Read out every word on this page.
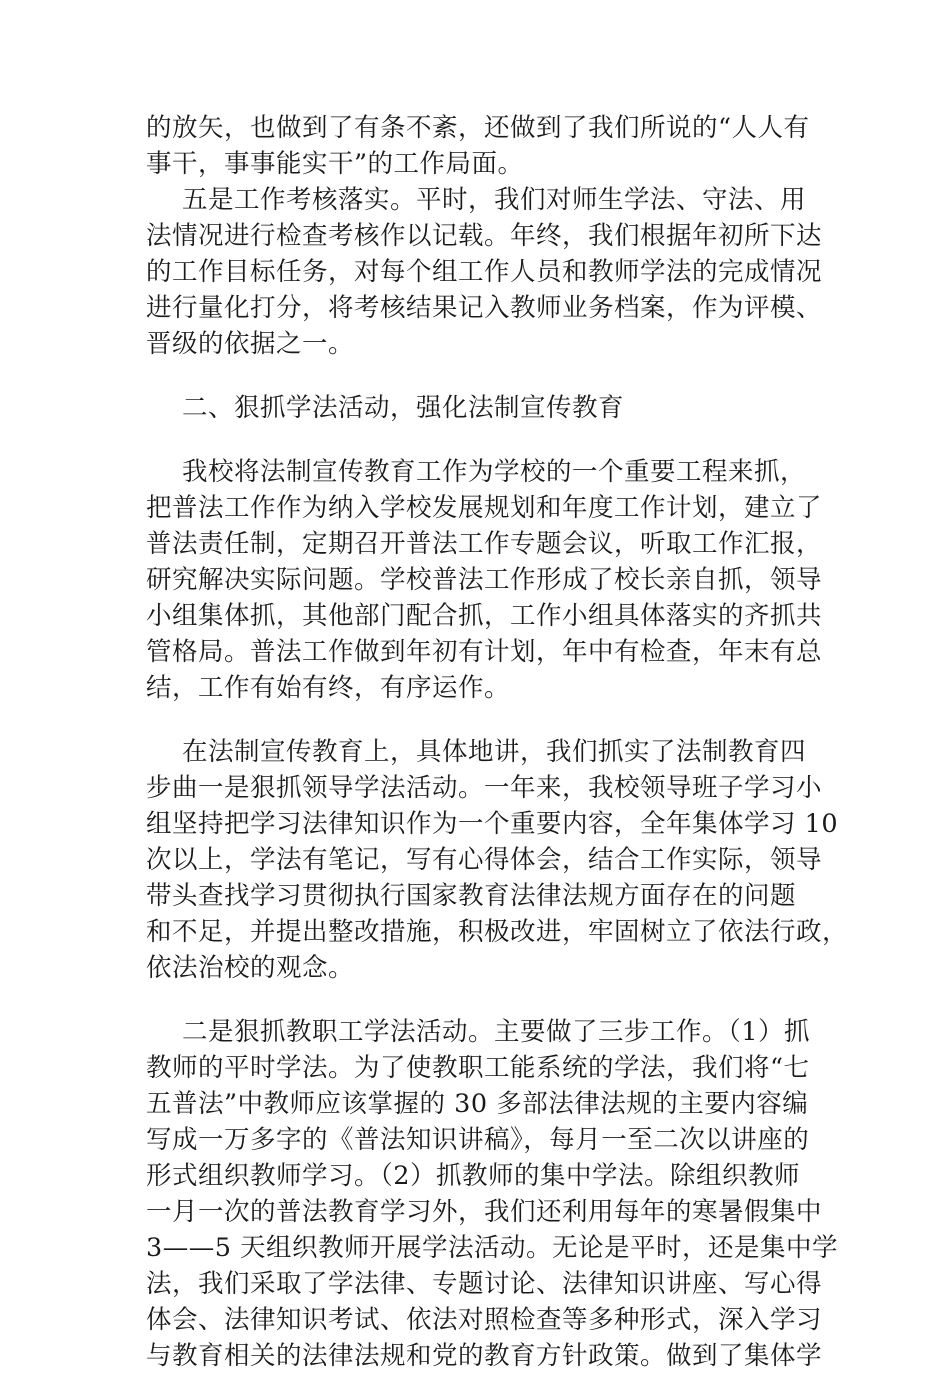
的放矢，也做到了有条不紊，还做到了我们所说的“人人有
事干，事事能实干”的工作局面。
五是工作考核落实。平时，我们对师生学法、守法、用
法情况进行检查考核作以记载。年终，我们根据年初所下达
的工作目标任务，对每个组工作人员和教师学法的完成情况
进行量化打分，将考核结果记入教师业务档案，作为评模、
晋级的依据之一。
二、狠抓学法活动，强化法制宣传教育
我校将法制宣传教育工作为学校的一个重要工程来抓，
把普法工作作为纳入学校发展规划和年度工作计划，建立了
普法责任制，定期召开普法工作专题会议，听取工作汇报，
研究解决实际问题。学校普法工作形成了校长亲自抓，领导
小组集体抓，其他部门配合抓，工作小组具体落实的齐抓共
管格局。普法工作做到年初有计划，年中有检查，年末有总
结，工作有始有终，有序运作。
在法制宣传教育上，具体地讲，我们抓实了法制教育四
步曲一是狠抓领导学法活动。一年来，我校领导班子学习小
组坚持把学习法律知识作为一个重要内容，全年集体学习 10
次以上，学法有笔记，写有心得体会，结合工作实际，领导
带头查找学习贯彻执行国家教育法律法规方面存在的问题
和不足，并提出整改措施，积极改进，牢固树立了依法行政，
依法治校的观念。
二是狠抓教职工学法活动。主要做了三步工作。（1）抓
教师的平时学法。为了使教职工能系统的学法，我们将“七
五普法”中教师应该掌握的 30 多部法律法规的主要内容编
写成一万多字的《普法知识讲稿》，每月一至二次以讲座的
形式组织教师学习。（2）抓教师的集中学法。除组织教师
一月一次的普法教育学习外，我们还利用每年的寒暑假集中
3——5 天组织教师开展学法活动。无论是平时，还是集中学
法，我们采取了学法律、专题讨论、法律知识讲座、写心得
体会、法律知识考试、依法对照检查等多种形式，深入学习
与教育相关的法律法规和党的教育方针政策。做到了集体学
